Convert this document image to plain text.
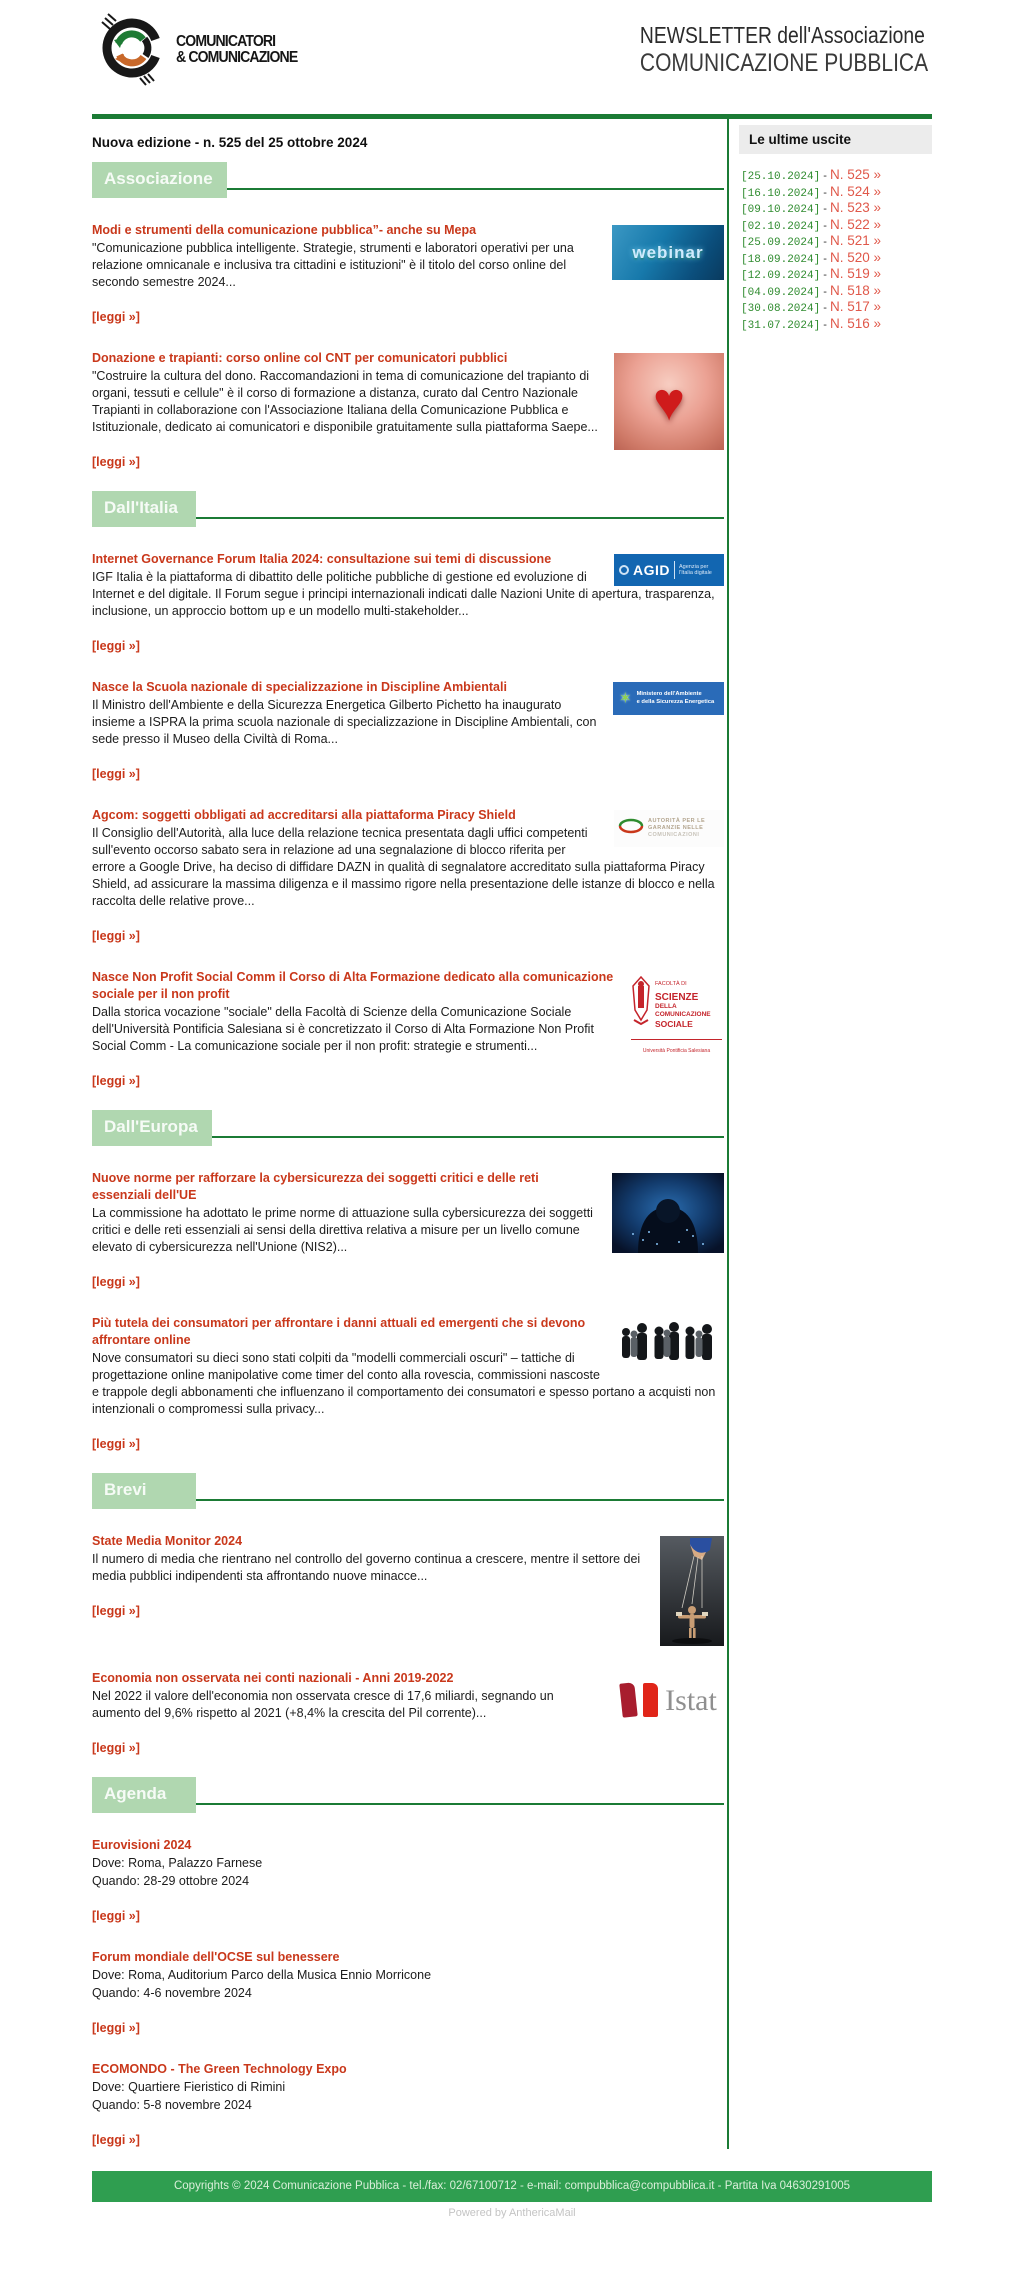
COMUNICATORI
& COMUNICAZIONE
NEWSLETTER dell'Associazione
COMUNICAZIONE PUBBLICA
Nuova edizione - n. 525 del 25 ottobre 2024
Associazione
webinar
Modi e strumenti della comunicazione pubblica”- anche su Mepa
"Comunicazione pubblica intelligente. Strategie, strumenti e laboratori operativi per una relazione omnicanale e inclusiva tra cittadini e istituzioni" è il titolo del corso online del secondo semestre 2024...
[leggi »]
♥
Donazione e trapianti: corso online col CNT per comunicatori pubblici
"Costruire la cultura del dono. Raccomandazioni in tema di comunicazione del trapianto di organi, tessuti e cellule" è il corso di formazione a distanza, curato dal Centro Nazionale Trapianti in collaborazione con l'Associazione Italiana della Comunicazione Pubblica e Istituzionale, dedicato ai comunicatori e disponibile gratuitamente sulla piattaforma Saepe...
[leggi »]
Dall'Italia
AGID Agenzia per
l'Italia digitale
Internet Governance Forum Italia 2024: consultazione sui temi di discussione
IGF Italia è la piattaforma di dibattito delle politiche pubbliche di gestione ed evoluzione di Internet e del digitale. Il Forum segue i principi internazionali indicati dalle Nazioni Unite di apertura, trasparenza, inclusione, un approccio bottom up e un modello multi-stakeholder...
[leggi »]
✶ Ministero dell'Ambiente
e della Sicurezza Energetica
Nasce la Scuola nazionale di specializzazione in Discipline Ambientali
Il Ministro dell'Ambiente e della Sicurezza Energetica Gilberto Pichetto ha inaugurato insieme a ISPRA la prima scuola nazionale di specializzazione in Discipline Ambientali, con sede presso il Museo della Civiltà di Roma...
[leggi »]
AUTORITÀ PER LE
GARANZIE NELLE
COMUNICAZIONI
Agcom: soggetti obbligati ad accreditarsi alla piattaforma Piracy Shield
Il Consiglio dell'Autorità, alla luce della relazione tecnica presentata dagli uffici competenti sull'evento occorso sabato sera in relazione ad una segnalazione di blocco riferita per errore a Google Drive, ha deciso di diffidare DAZN in qualità di segnalatore accreditato sulla piattaforma Piracy Shield, ad assicurare la massima diligenza e il massimo rigore nella presentazione delle istanze di blocco e nella raccolta delle relative prove...
[leggi »]
FACOLTÀ DI
SCIENZE
DELLA COMUNICAZIONE
SOCIALE
Università Pontificia Salesiana
Nasce Non Profit Social Comm il Corso di Alta Formazione dedicato alla comunicazione sociale per il non profit
Dalla storica vocazione "sociale" della Facoltà di Scienze della Comunicazione Sociale dell'Università Pontificia Salesiana si è concretizzato il Corso di Alta Formazione Non Profit Social Comm - La comunicazione sociale per il non profit: strategie e strumenti...
[leggi »]
Dall'Europa
Nuove norme per rafforzare la cybersicurezza dei soggetti critici e delle reti essenziali dell'UE
La commissione ha adottato le prime norme di attuazione sulla cybersicurezza dei soggetti critici e delle reti essenziali ai sensi della direttiva relativa a misure per un livello comune elevato di cybersicurezza nell'Unione (NIS2)...
[leggi »]
Più tutela dei consumatori per affrontare i danni attuali ed emergenti che si devono affrontare online
Nove consumatori su dieci sono stati colpiti da "modelli commerciali oscuri" – tattiche di progettazione online manipolative come timer del conto alla rovescia, commissioni nascoste e trappole degli abbonamenti che influenzano il comportamento dei consumatori e spesso portano a acquisti non intenzionali o compromessi sulla privacy...
[leggi »]
Brevi
State Media Monitor 2024
Il numero di media che rientrano nel controllo del governo continua a crescere, mentre il settore dei media pubblici indipendenti sta affrontando nuove minacce...
[leggi »]
Istat
Economia non osservata nei conti nazionali - Anni 2019-2022
Nel 2022 il valore dell'economia non osservata cresce di 17,6 miliardi, segnando un aumento del 9,6% rispetto al 2021 (+8,4% la crescita del Pil corrente)...
[leggi »]
Agenda
Eurovisioni 2024
Dove: Roma, Palazzo Farnese
Quando: 28-29 ottobre 2024
[leggi »]
Forum mondiale dell'OCSE sul benessere
Dove: Roma, Auditorium Parco della Musica Ennio Morricone
Quando: 4-6 novembre 2024
[leggi »]
ECOMONDO - The Green Technology Expo
Dove: Quartiere Fieristico di Rimini
Quando: 5-8 novembre 2024
[leggi »]
Le ultime uscite
[25.10.2024] - N. 525 »
[16.10.2024] - N. 524 »
[09.10.2024] - N. 523 »
[02.10.2024] - N. 522 »
[25.09.2024] - N. 521 »
[18.09.2024] - N. 520 »
[12.09.2024] - N. 519 »
[04.09.2024] - N. 518 »
[30.08.2024] - N. 517 »
[31.07.2024] - N. 516 »
Copyrights © 2024 Comunicazione Pubblica - tel./fax: 02/67100712 - e-mail: compubblica@compubblica.it - Partita Iva 04630291005
Powered by AnthericaMail
